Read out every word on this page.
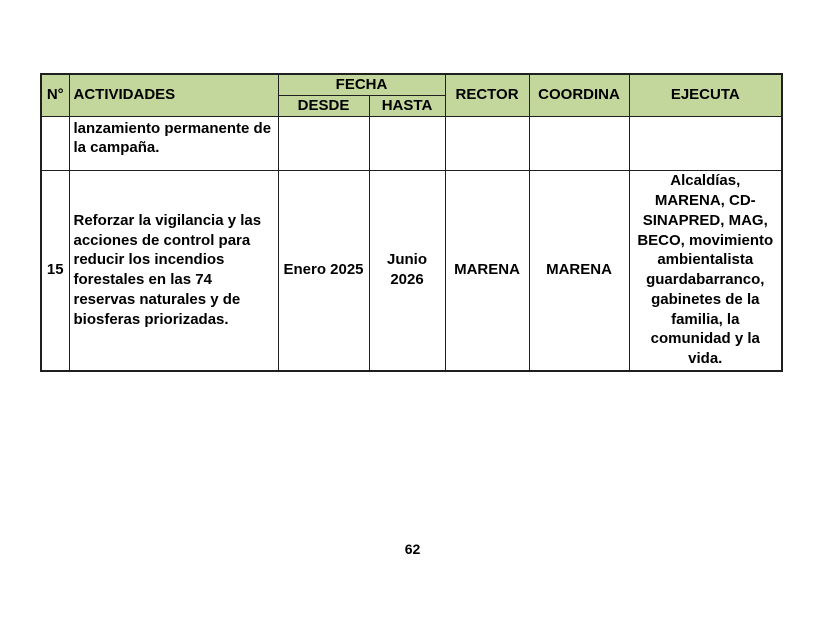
N°	ACTIVIDADES	FECHA		RECTOR	COORDINA	EJECUTA
		DESDE	HASTA			
	lanzamiento permanente de la campaña.					
15	Reforzar la vigilancia y las acciones de control para reducir los incendios forestales en las 74 reservas naturales y de biosferas priorizadas.	Enero 2025	Junio 2026	MARENA	MARENA	Alcaldías, MARENA, CD-SINAPRED, MAG, BECO, movimiento ambientalista guardabarranco, gabinetes de la familia, la comunidad y la vida.
62
